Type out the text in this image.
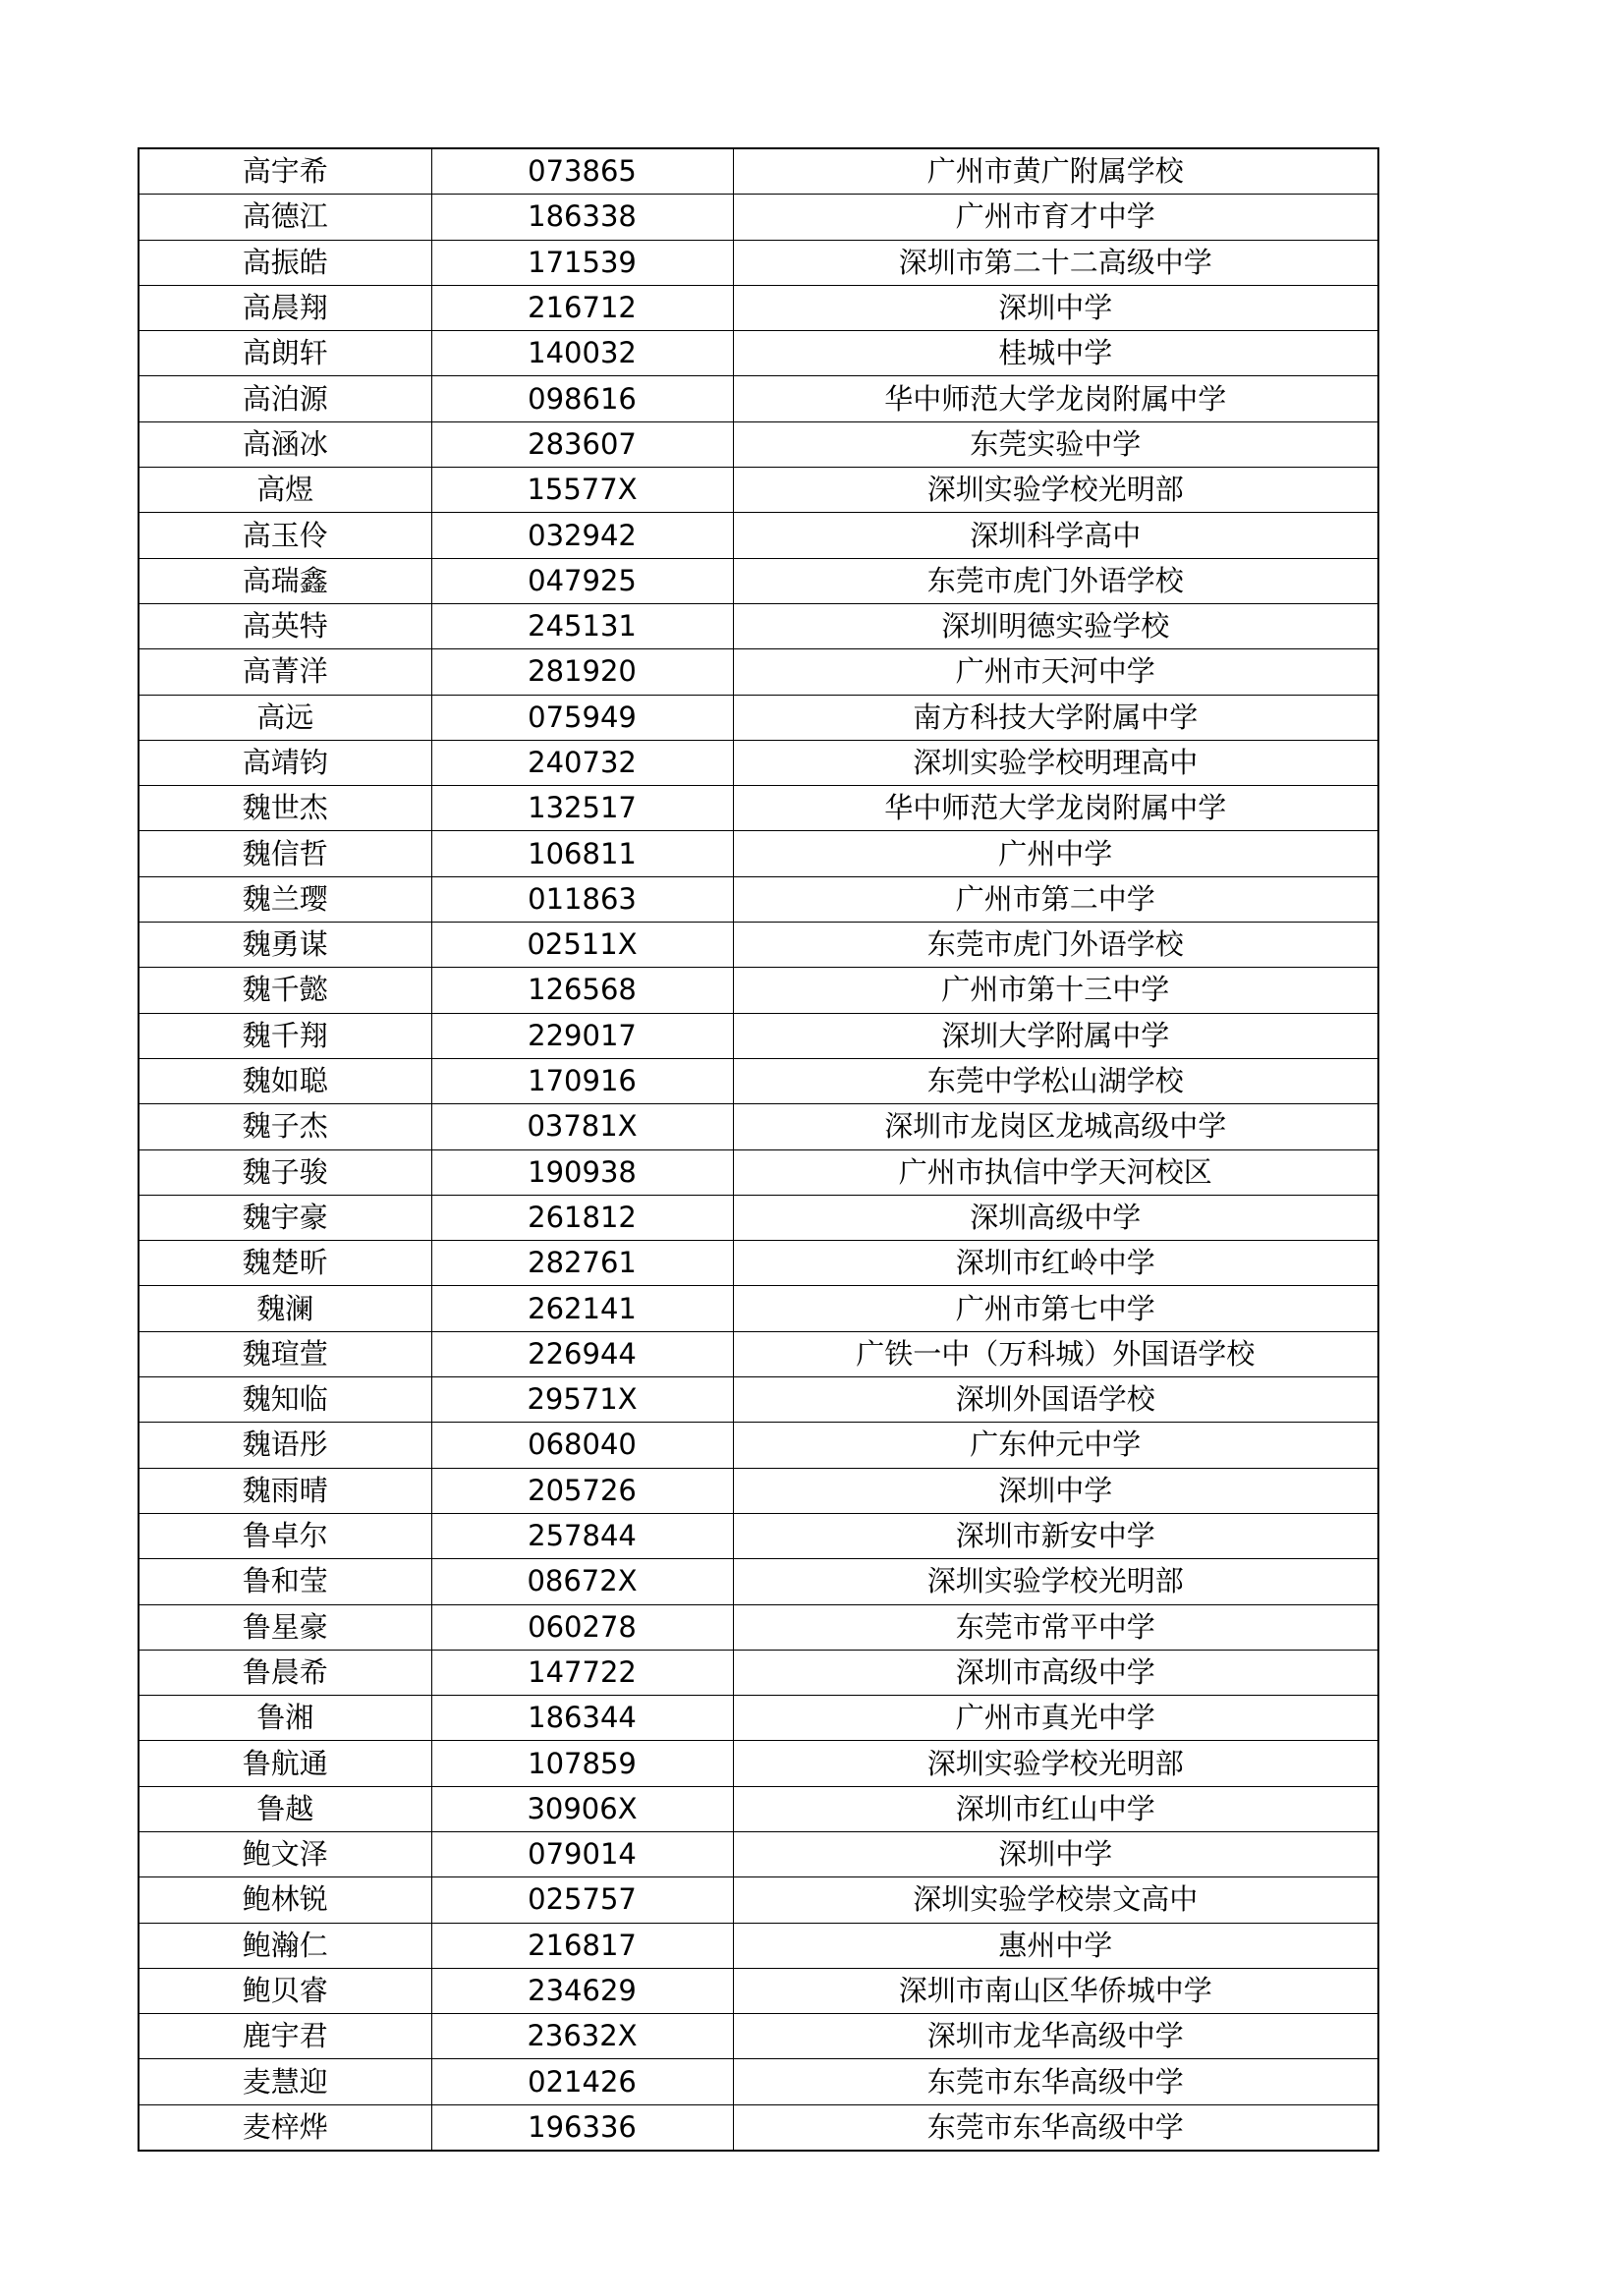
高宇希	073865	广州市黄广附属学校
高德江	186338	广州市育才中学
高振皓	171539	深圳市第二十二高级中学
高晨翔	216712	深圳中学
高朗轩	140032	桂城中学
高泊源	098616	华中师范大学龙岗附属中学
高涵冰	283607	东莞实验中学
高煜	15577X	深圳实验学校光明部
高玉伶	032942	深圳科学高中
高瑞鑫	047925	东莞市虎门外语学校
高英特	245131	深圳明德实验学校
高菁洋	281920	广州市天河中学
高远	075949	南方科技大学附属中学
高靖钧	240732	深圳实验学校明理高中
魏世杰	132517	华中师范大学龙岗附属中学
魏信哲	106811	广州中学
魏兰璎	011863	广州市第二中学
魏勇谋	02511X	东莞市虎门外语学校
魏千懿	126568	广州市第十三中学
魏千翔	229017	深圳大学附属中学
魏如聪	170916	东莞中学松山湖学校
魏子杰	03781X	深圳市龙岗区龙城高级中学
魏子骏	190938	广州市执信中学天河校区
魏宇豪	261812	深圳高级中学
魏楚昕	282761	深圳市红岭中学
魏澜	262141	广州市第七中学
魏瑄萱	226944	广铁一中（万科城）外国语学校
魏知临	29571X	深圳外国语学校
魏语彤	068040	广东仲元中学
魏雨晴	205726	深圳中学
鲁卓尔	257844	深圳市新安中学
鲁和莹	08672X	深圳实验学校光明部
鲁星豪	060278	东莞市常平中学
鲁晨希	147722	深圳市高级中学
鲁湘	186344	广州市真光中学
鲁航通	107859	深圳实验学校光明部
鲁越	30906X	深圳市红山中学
鲍文泽	079014	深圳中学
鲍林锐	025757	深圳实验学校崇文高中
鲍瀚仁	216817	惠州中学
鲍贝睿	234629	深圳市南山区华侨城中学
鹿宇君	23632X	深圳市龙华高级中学
麦慧迎	021426	东莞市东华高级中学
麦梓烨	196336	东莞市东华高级中学
